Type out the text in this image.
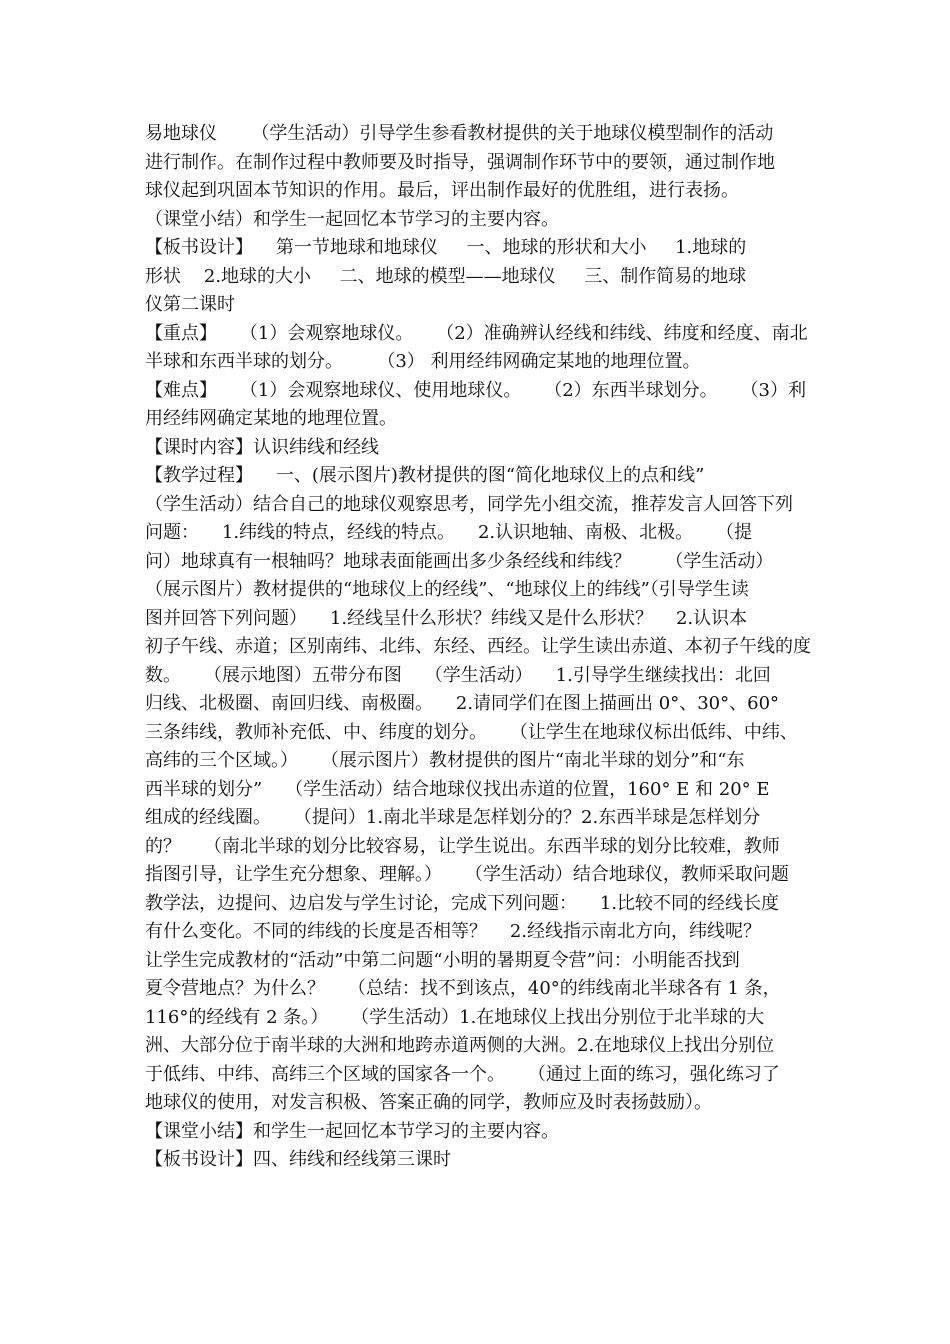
易地球仪      （学生活动）引导学生参看教材提供的关于地球仪模型制作的活动
进行制作。在制作过程中教师要及时指导，强调制作环节中的要领，通过制作地
球仪起到巩固本节知识的作用。最后，评出制作最好的优胜组，进行表扬。
（课堂小结）和学生一起回忆本节学习的主要内容。
【板书设计】    第一节地球和地球仪     一、地球的形状和大小     1.地球的
形状    2.地球的大小     二、地球的模型——地球仪     三、制作简易的地球
仪第二课时
【重点】    （1）会观察地球仪。    （2）准确辨认经线和纬线、纬度和经度、南北
半球和东西半球的划分。      （3） 利用经纬网确定某地的地理位置。
【难点】    （1）会观察地球仪、使用地球仪。    （2）东西半球划分。    （3）利
用经纬网确定某地的地理位置。
【课时内容】认识纬线和经线
【教学过程】    一、(展示图片)教材提供的图“简化地球仪上的点和线”
（学生活动）结合自己的地球仪观察思考，同学先小组交流，推荐发言人回答下列
问题：    1.纬线的特点，经线的特点。    2.认识地轴、南极、北极。    （提
问）地球真有一根轴吗？地球表面能画出多少条经线和纬线？      （学生活动）
（展示图片）教材提供的“地球仪上的经线”、“地球仪上的纬线”（引导学生读
图并回答下列问题）    1.经线呈什么形状？纬线又是什么形状？    2.认识本
初子午线、赤道；区别南纬、北纬、东经、西经。让学生读出赤道、本初子午线的度
数。    （展示地图）五带分布图    （学生活动）    1.引导学生继续找出：北回
归线、北极圈、南回归线、南极圈。    2.请同学们在图上描画出 0°、30°、60°
三条纬线，教师补充低、中、纬度的划分。    （让学生在地球仪标出低纬、中纬、
高纬的三个区域。）    （展示图片）教材提供的图片“南北半球的划分”和“东
西半球的划分”    （学生活动）结合地球仪找出赤道的位置，160° E 和 20° E
组成的经线圈。    （提问）1.南北半球是怎样划分的？2.东西半球是怎样划分
的？    （南北半球的划分比较容易，让学生说出。东西半球的划分比较难，教师
指图引导，让学生充分想象、理解。）    （学生活动）结合地球仪，教师采取问题
教学法，边提问、边启发与学生讨论，完成下列问题：    1.比较不同的经线长度
有什么变化。不同的纬线的长度是否相等？    2.经线指示南北方向，纬线呢？
让学生完成教材的“活动”中第二问题“小明的暑期夏令营”问：小明能否找到
夏令营地点？为什么？    （总结：找不到该点，40°的纬线南北半球各有 1 条，
116°的经线有 2 条。）    （学生活动）1.在地球仪上找出分别位于北半球的大
洲、大部分位于南半球的大洲和地跨赤道两侧的大洲。2.在地球仪上找出分别位
于低纬、中纬、高纬三个区域的国家各一个。    （通过上面的练习，强化练习了
地球仪的使用，对发言积极、答案正确的同学，教师应及时表扬鼓励）。
【课堂小结】和学生一起回忆本节学习的主要内容。
【板书设计】四、纬线和经线第三课时
